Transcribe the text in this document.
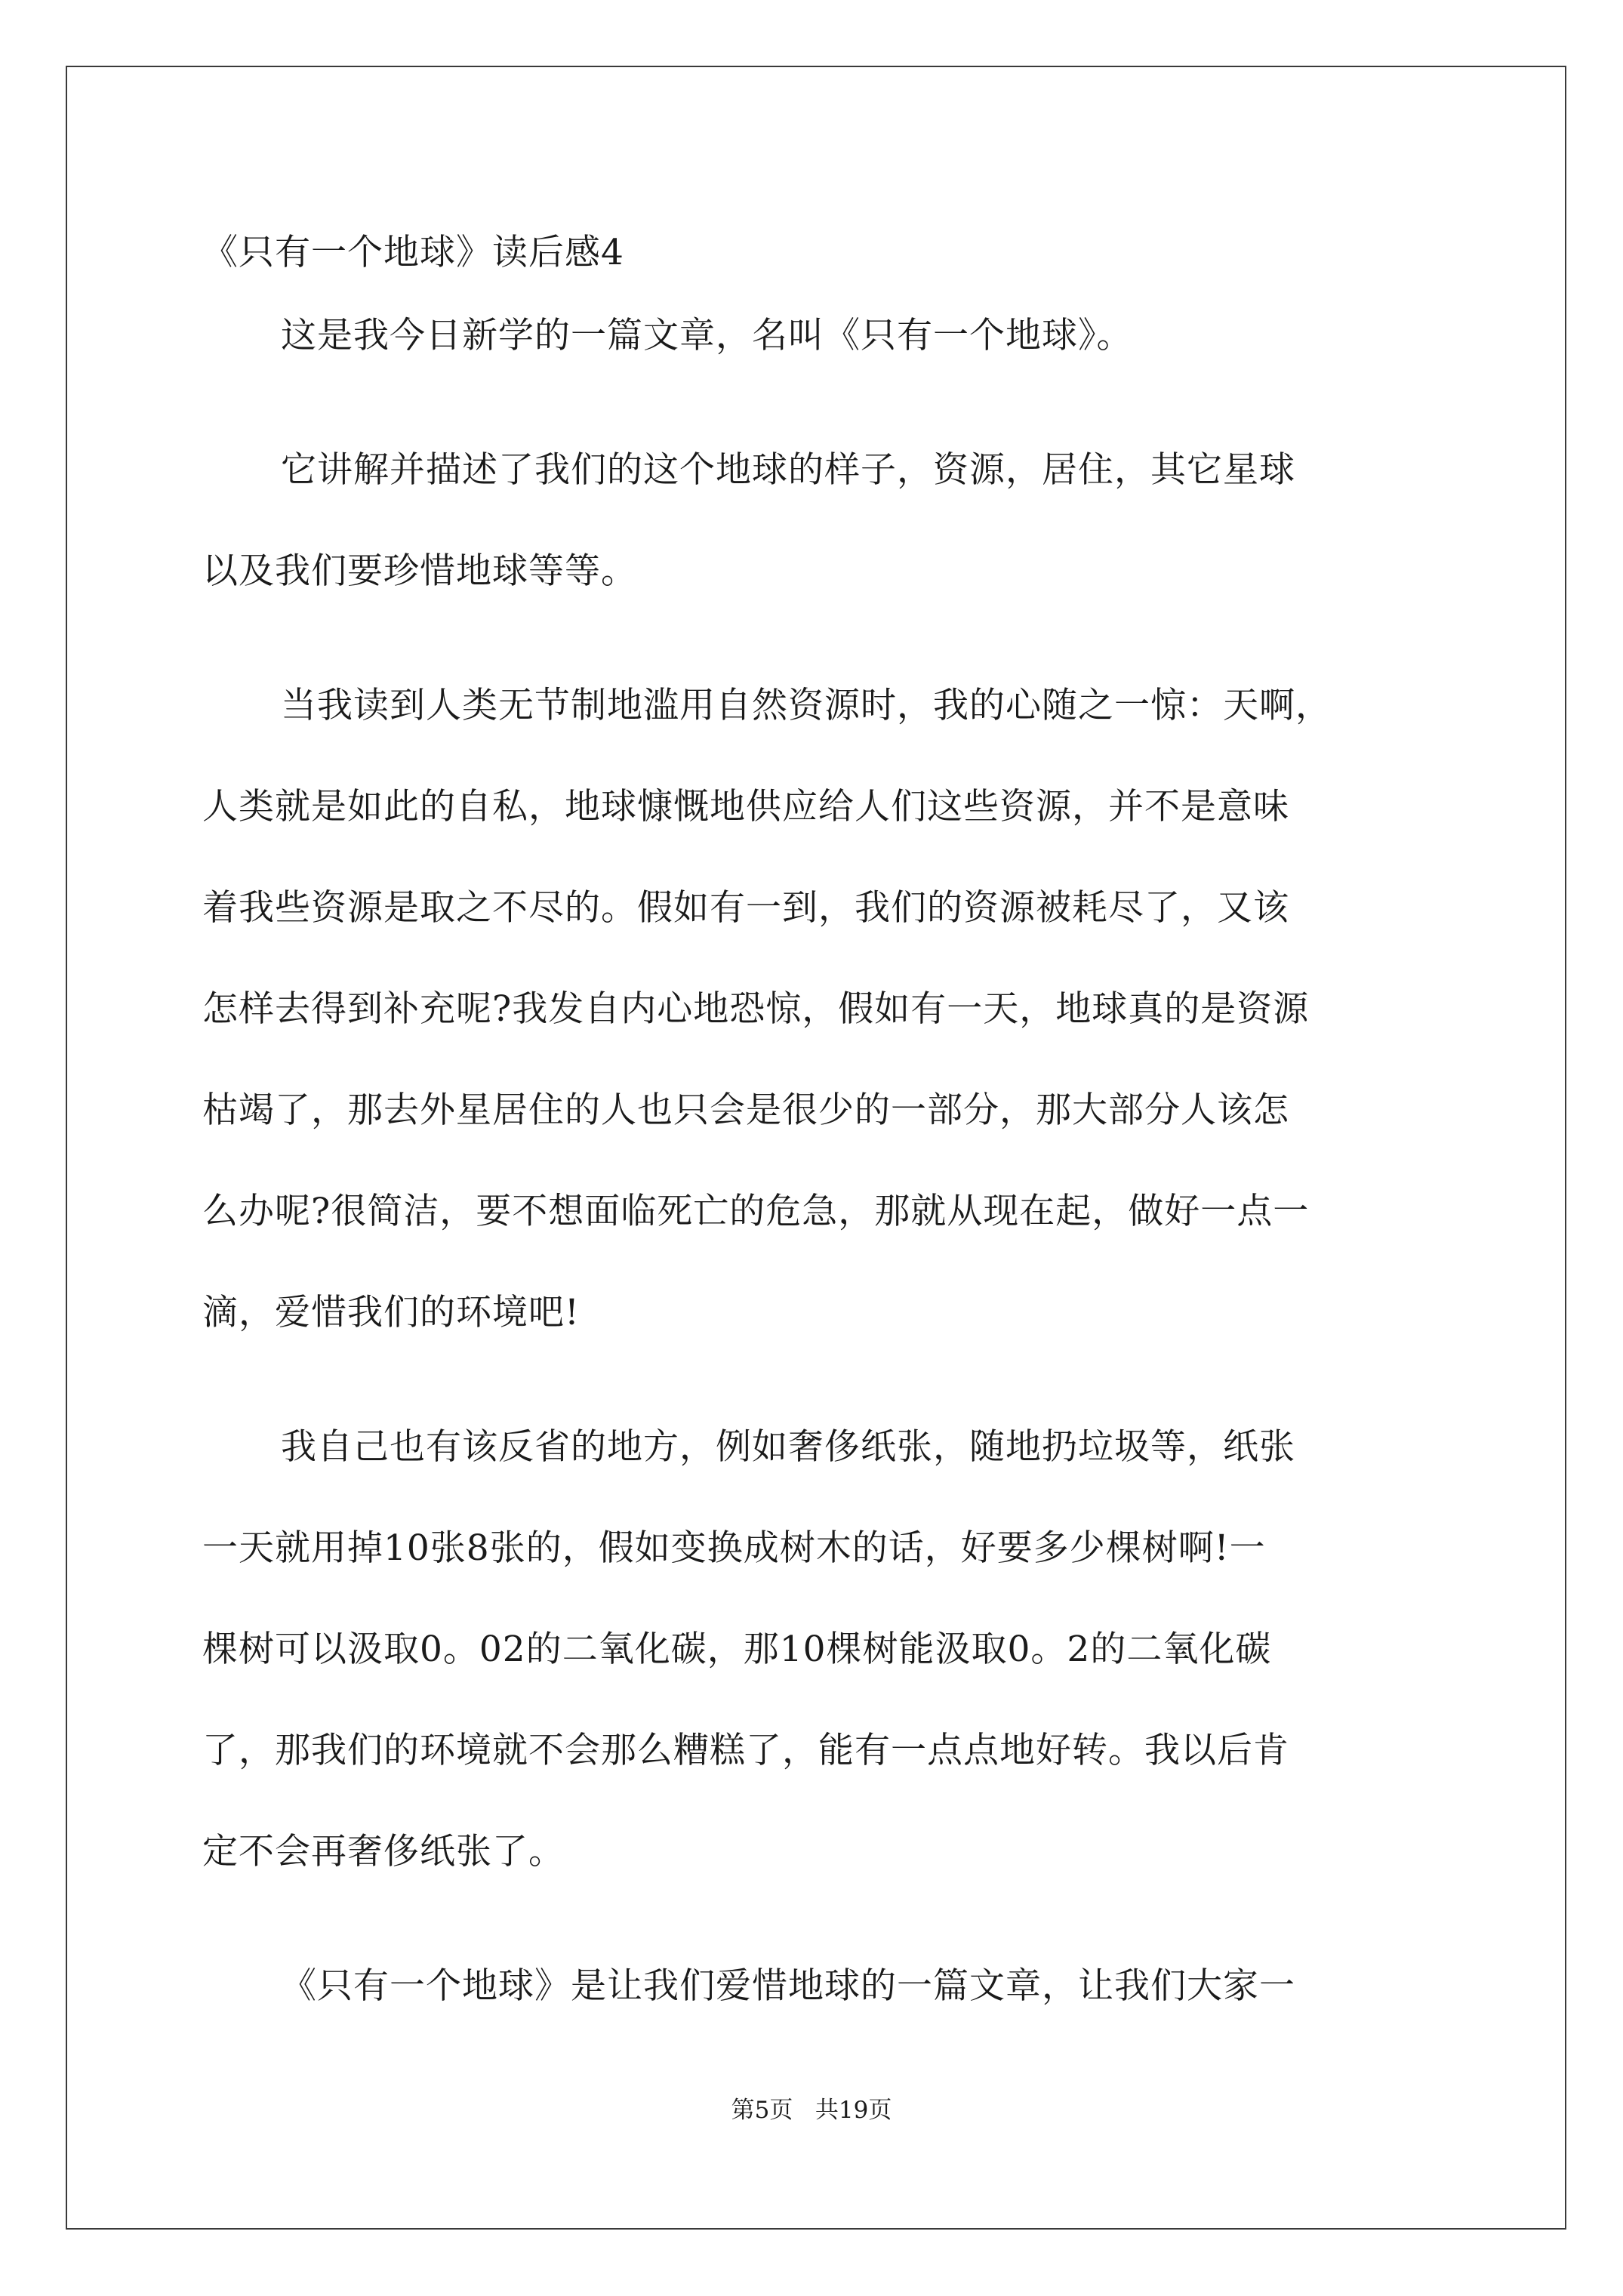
《只有一个地球》读后感4
这是我今日新学的一篇文章，名叫《只有一个地球》。
它讲解并描述了我们的这个地球的样子，资源，居住，其它星球
以及我们要珍惜地球等等。
当我读到人类无节制地滥用自然资源时，我的心随之一惊：天啊，
人类就是如此的自私，地球慷慨地供应给人们这些资源，并不是意味
着我些资源是取之不尽的。假如有一到，我们的资源被耗尽了，又该
怎样去得到补充呢?我发自内心地恐惊，假如有一天，地球真的是资源
枯竭了，那去外星居住的人也只会是很少的一部分，那大部分人该怎
么办呢?很简洁，要不想面临死亡的危急，那就从现在起，做好一点一
滴，爱惜我们的环境吧!
我自己也有该反省的地方，例如奢侈纸张，随地扔垃圾等，纸张
一天就用掉10张8张的，假如变换成树木的话，好要多少棵树啊!一
棵树可以汲取0。02的二氧化碳，那10棵树能汲取0。2的二氧化碳
了，那我们的环境就不会那么糟糕了，能有一点点地好转。我以后肯
定不会再奢侈纸张了。
《只有一个地球》是让我们爱惜地球的一篇文章，让我们大家一
第5页   共19页
